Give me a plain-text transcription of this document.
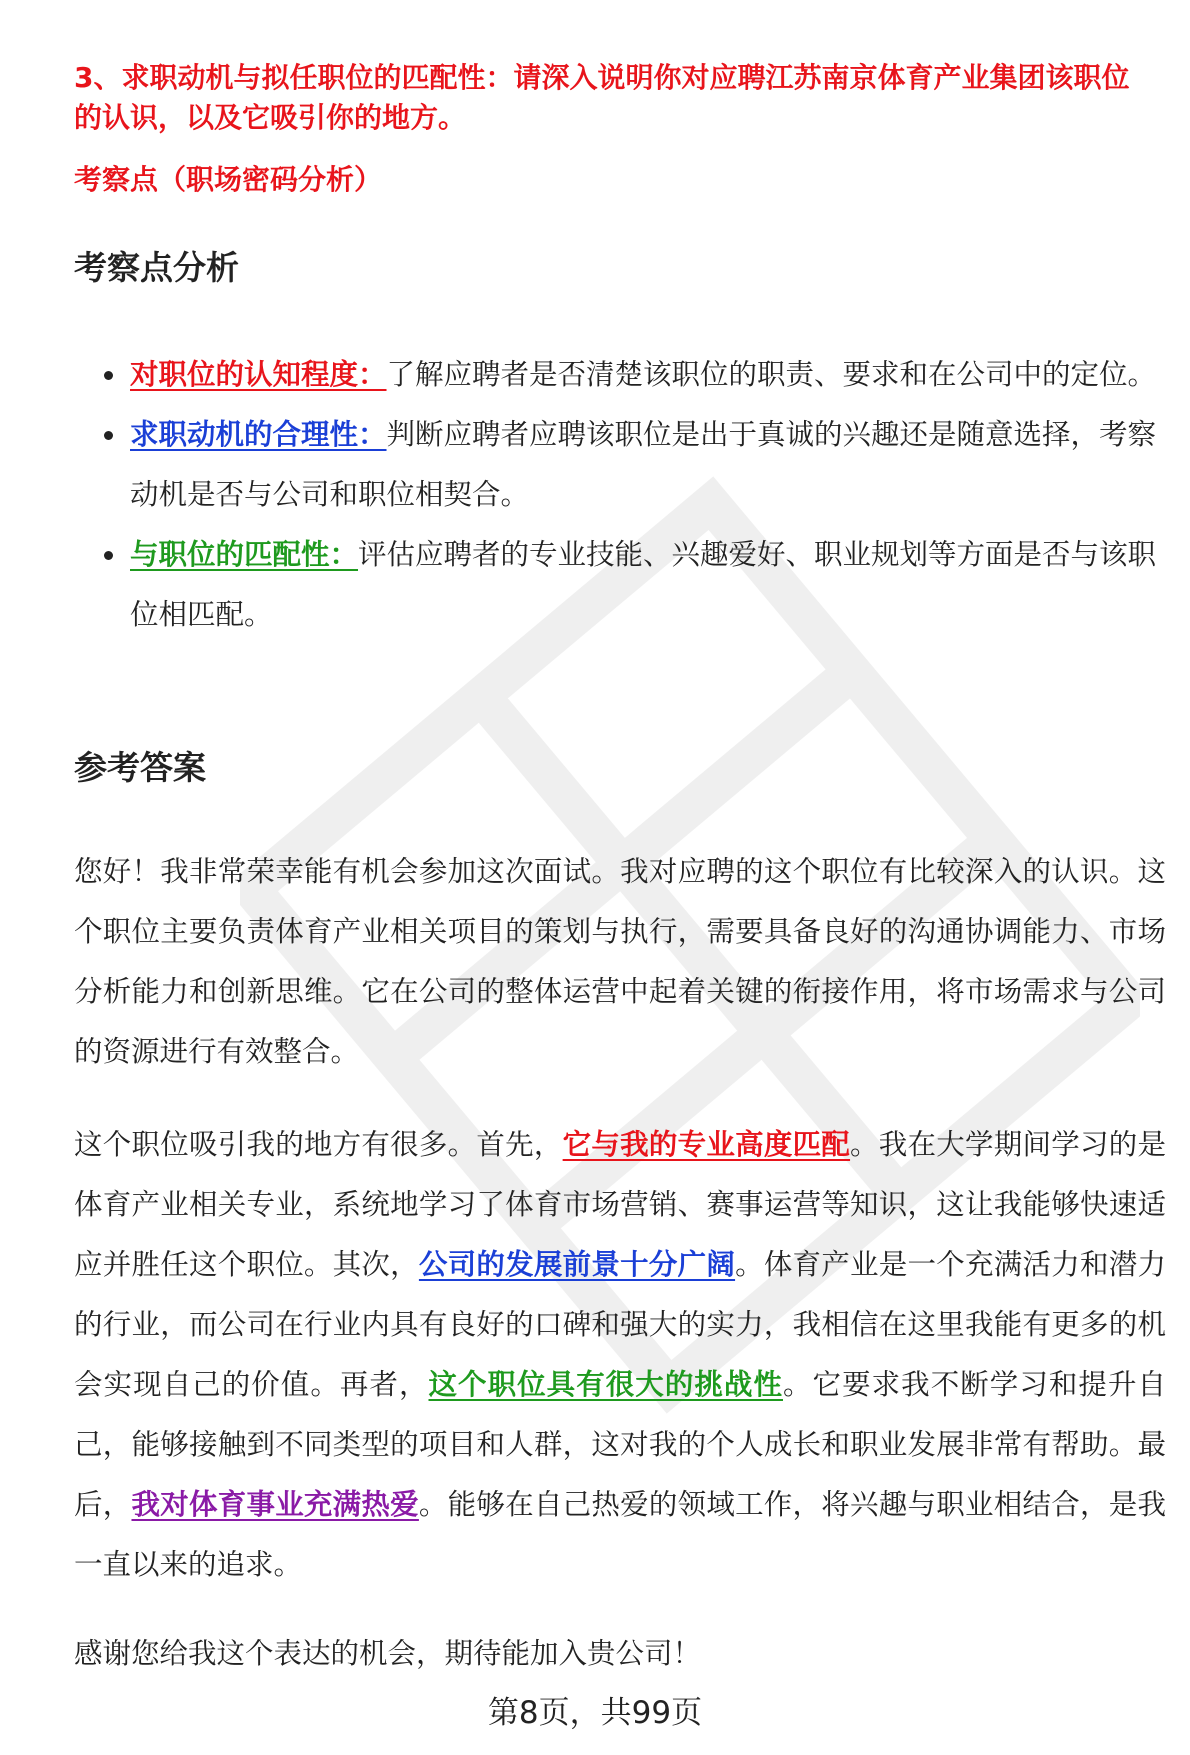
3、求职动机与拟任职位的匹配性：请深入说明你对应聘江苏南京体育产业集团该职位的认识，以及它吸引你的地方。

考察点（职场密码分析）

考察点分析
对职位的认知程度：了解应聘者是否清楚该职位的职责、要求和在公司中的定位。
求职动机的合理性：判断应聘者应聘该职位是出于真诚的兴趣还是随意选择，考察动机是否与公司和职位相契合。
与职位的匹配性：评估应聘者的专业技能、兴趣爱好、职业规划等方面是否与该职位相匹配。
参考答案

您好！我非常荣幸能有机会参加这次面试。我对应聘的这个职位有比较深入的认识。这个职位主要负责体育产业相关项目的策划与执行，需要具备良好的沟通协调能力、市场分析能力和创新思维。它在公司的整体运营中起着关键的衔接作用，将市场需求与公司的资源进行有效整合。

这个职位吸引我的地方有很多。首先，它与我的专业高度匹配。我在大学期间学习的是体育产业相关专业，系统地学习了体育市场营销、赛事运营等知识，这让我能够快速适应并胜任这个职位。其次，公司的发展前景十分广阔。体育产业是一个充满活力和潜力的行业，而公司在行业内具有良好的口碑和强大的实力，我相信在这里我能有更多的机会实现自己的价值。再者，这个职位具有很大的挑战性。它要求我不断学习和提升自己，能够接触到不同类型的项目和人群，这对我的个人成长和职业发展非常有帮助。最后，我对体育事业充满热爱。能够在自己热爱的领域工作，将兴趣与职业相结合，是我一直以来的追求。

感谢您给我这个表达的机会，期待能加入贵公司！

第8页，共99页
